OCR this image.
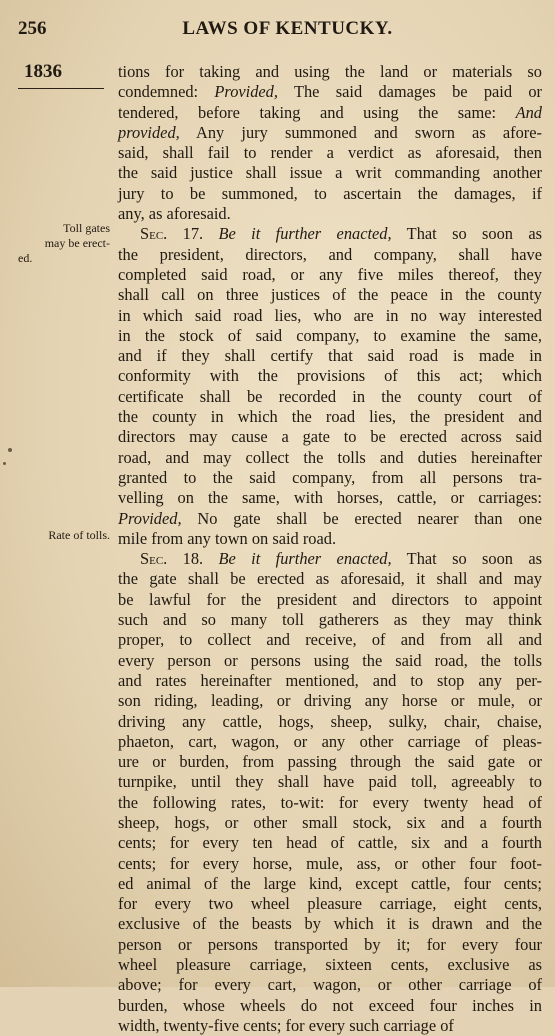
256	LAWS OF KENTUCKY.
1836
Toll gates
may be erect-
ed.
Rate of tolls.
tions for taking and using the land or materials so
condemned: Provided, The said damages be paid or
tendered, before taking and using the same: And
provided, Any jury summoned and sworn as afore-
said, shall fail to render a verdict as aforesaid, then
the said justice shall issue a writ commanding another
jury to be summoned, to ascertain the damages, if
any, as aforesaid.
Sec. 17. Be it further enacted, That so soon as
the president, directors, and company, shall have
completed said road, or any five miles thereof, they
shall call on three justices of the peace in the county
in which said road lies, who are in no way interested
in the stock of said company, to examine the same,
and if they shall certify that said road is made in
conformity with the provisions of this act; which
certificate shall be recorded in the county court of
the county in which the road lies, the president and
directors may cause a gate to be erected across said
road, and may collect the tolls and duties hereinafter
granted to the said company, from all persons tra-
velling on the same, with horses, cattle, or carriages:
Provided, No gate shall be erected nearer than one
mile from any town on said road.
Sec. 18. Be it further enacted, That so soon as
the gate shall be erected as aforesaid, it shall and may
be lawful for the president and directors to appoint
such and so many toll gatherers as they may think
proper, to collect and receive, of and from all and
every person or persons using the said road, the tolls
and rates hereinafter mentioned, and to stop any per-
son riding, leading, or driving any horse or mule, or
driving any cattle, hogs, sheep, sulky, chair, chaise,
phaeton, cart, wagon, or any other carriage of pleas-
ure or burden, from passing through the said gate or
turnpike, until they shall have paid toll, agreeably to
the following rates, to-wit: for every twenty head of
sheep, hogs, or other small stock, six and a fourth
cents; for every ten head of cattle, six and a fourth
cents; for every horse, mule, ass, or other four foot-
ed animal of the large kind, except cattle, four cents;
for every two wheel pleasure carriage, eight cents,
exclusive of the beasts by which it is drawn and the
person or persons transported by it; for every four
wheel pleasure carriage, sixteen cents, exclusive as
above; for every cart, wagon, or other carriage of
burden, whose wheels do not exceed four inches in
width, twenty-five cents; for every such carriage of
